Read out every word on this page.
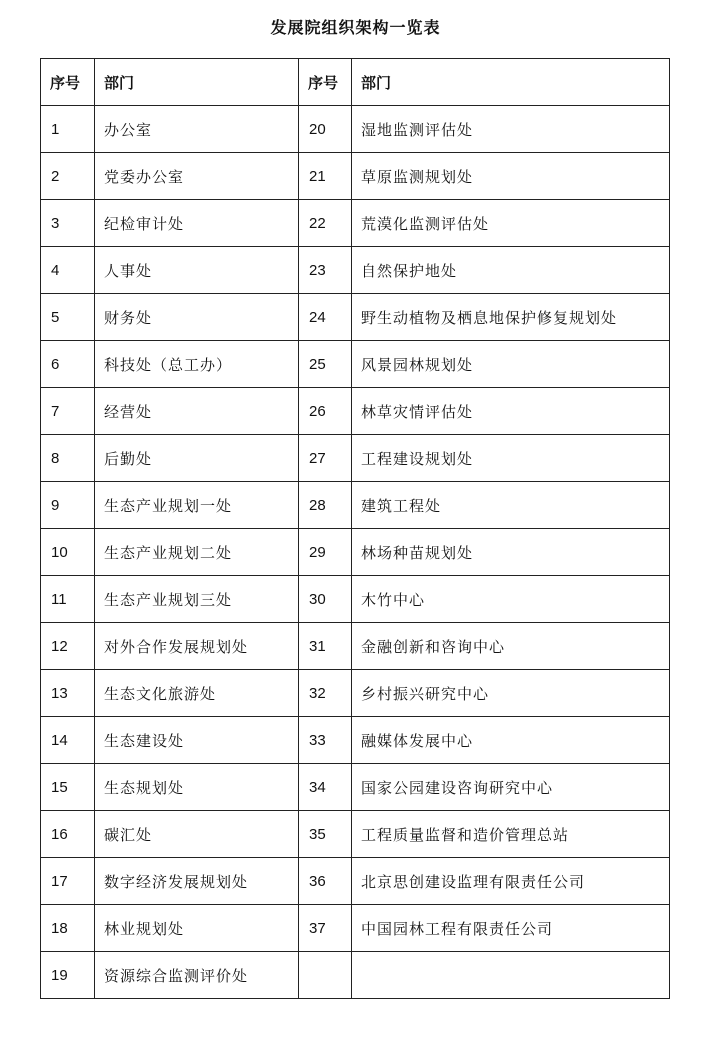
发展院组织架构一览表
序号	部门	序号	部门
1	办公室	20	湿地监测评估处
2	党委办公室	21	草原监测规划处
3	纪检审计处	22	荒漠化监测评估处
4	人事处	23	自然保护地处
5	财务处	24	野生动植物及栖息地保护修复规划处
6	科技处（总工办）	25	风景园林规划处
7	经营处	26	林草灾情评估处
8	后勤处	27	工程建设规划处
9	生态产业规划一处	28	建筑工程处
10	生态产业规划二处	29	林场种苗规划处
11	生态产业规划三处	30	木竹中心
12	对外合作发展规划处	31	金融创新和咨询中心
13	生态文化旅游处	32	乡村振兴研究中心
14	生态建设处	33	融媒体发展中心
15	生态规划处	34	国家公园建设咨询研究中心
16	碳汇处	35	工程质量监督和造价管理总站
17	数字经济发展规划处	36	北京思创建设监理有限责任公司
18	林业规划处	37	中国园林工程有限责任公司
19	资源综合监测评价处		
